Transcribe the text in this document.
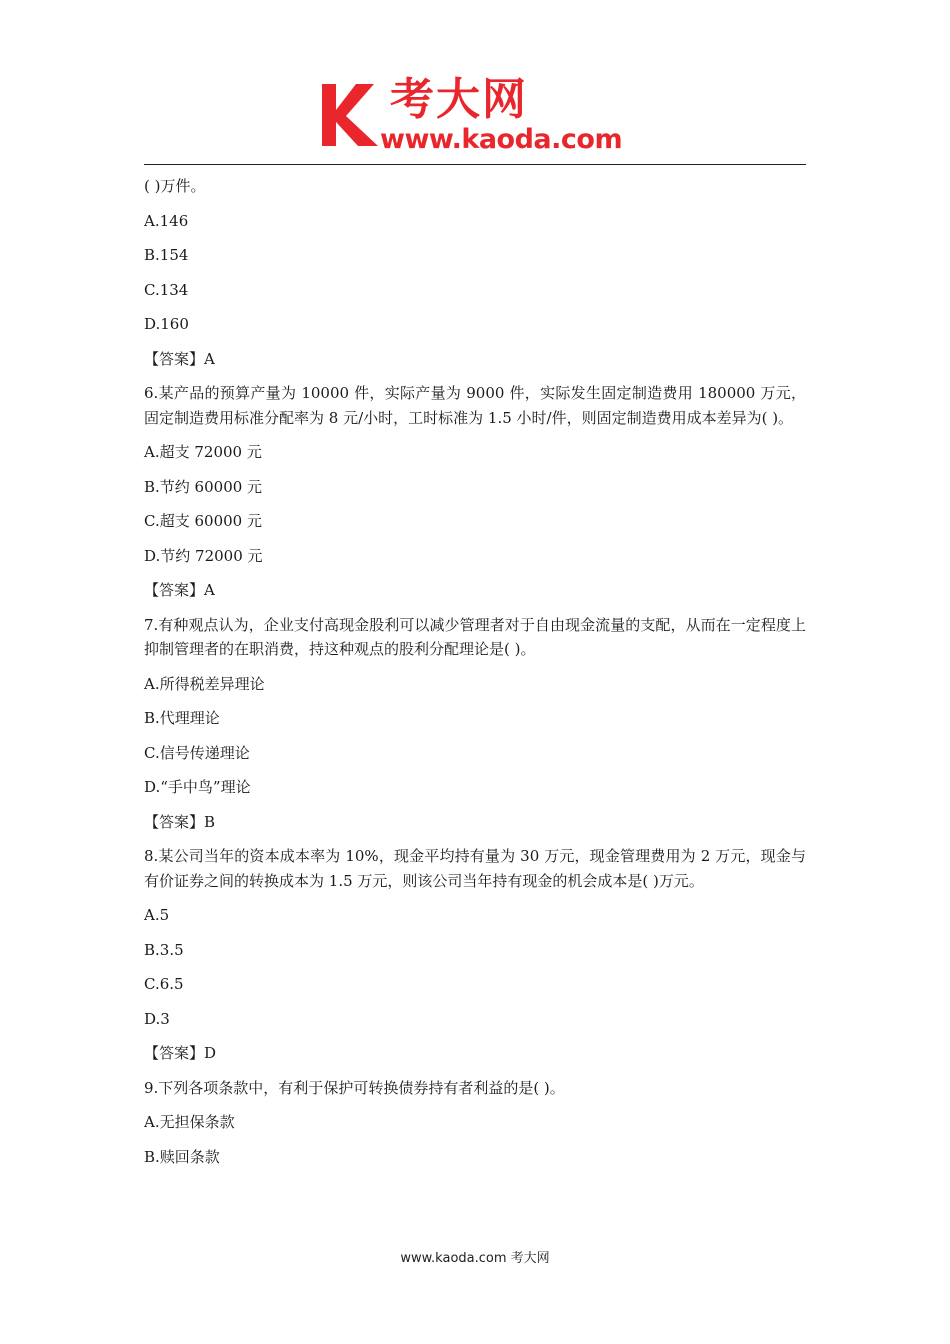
考大网
www.kaoda.com

( )万件。

A.146

B.154

C.134

D.160

【答案】A

6.某产品的预算产量为 10000 件，实际产量为 9000 件，实际发生固定制造费用 180000 万元，固定制造费用标准分配率为 8 元/小时，工时标准为 1.5 小时/件，则固定制造费用成本差异为( )。

A.超支 72000 元

B.节约 60000 元

C.超支 60000 元

D.节约 72000 元

【答案】A

7.有种观点认为，企业支付高现金股利可以减少管理者对于自由现金流量的支配，从而在一定程度上抑制管理者的在职消费，持这种观点的股利分配理论是( )。

A.所得税差异理论

B.代理理论

C.信号传递理论

D.“手中鸟”理论

【答案】B

8.某公司当年的资本成本率为 10%，现金平均持有量为 30 万元，现金管理费用为 2 万元，现金与有价证券之间的转换成本为 1.5 万元，则该公司当年持有现金的机会成本是( )万元。

A.5

B.3.5

C.6.5

D.3

【答案】D

9.下列各项条款中，有利于保护可转换债券持有者利益的是( )。

A.无担保条款

B.赎回条款

www.kaoda.com 考大网
